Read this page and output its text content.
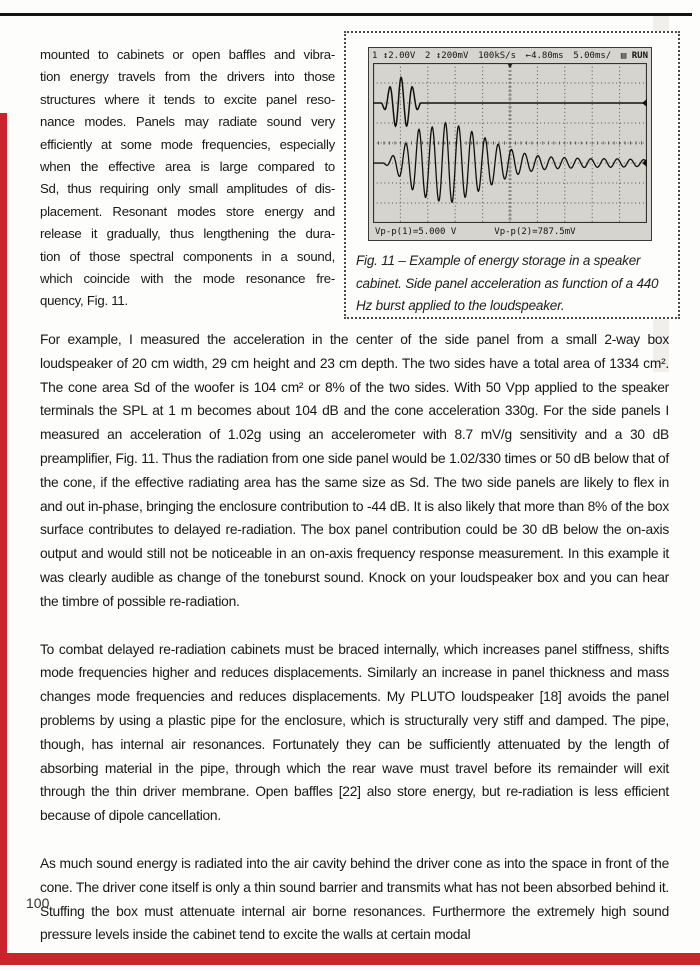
mounted to cabinets or open baffles and vibra-
tion energy travels from the drivers into those
structures where it tends to excite panel reso-
nance modes. Panels may radiate sound very
efficiently at some mode frequencies, especially
when the effective area is large compared to
Sd, thus requiring only small amplitudes of dis-
placement. Resonant modes store energy and
release it gradually, thus lengthening the dura-
tion of those spectral components in a sound,
which coincide with the mode resonance fre-
quency, Fig. 11.
1 ↕2.00V 2 ↕200mV 100kS/s ←4.80ms 5.00ms/ ▤ RUN
Vp-p(1)=5.000 V	Vp-p(2)=787.5mV
Fig. 11 – Example of energy storage in a speaker cabinet. Side panel acceleration as function of a 440 Hz burst applied to the loudspeaker.

For example, I measured the acceleration in the center of the side panel from a small 2-way box loudspeaker of 20 cm width, 29 cm height and 23 cm depth. The two sides have a total area of 1334 cm². The cone area Sd of the woofer is 104 cm² or 8% of the two sides. With 50 Vpp applied to the speaker terminals the SPL at 1 m becomes about 104 dB and the cone acceleration 330g. For the side panels I measured an acceleration of 1.02g using an accelerometer with 8.7 mV/g sensitivity and a 30 dB preamplifier, Fig. 11. Thus the radiation from one side panel would be 1.02/330 times or 50 dB below that of the cone, if the effective radiating area has the same size as Sd. The two side panels are likely to flex in and out in-phase, bringing the enclosure contribution to -44 dB. It is also likely that more than 8% of the box surface contributes to delayed re-radiation. The box panel contribution could be 30 dB below the on-axis output and would still not be noticeable in an on-axis frequency response measurement. In this example it was clearly audible as change of the toneburst sound. Knock on your loudspeaker box and you can hear the timbre of possible re-radiation.

To combat delayed re-radiation cabinets must be braced internally, which increases panel stiffness, shifts mode frequencies higher and reduces displacements. Similarly an increase in panel thickness and mass changes mode frequencies and reduces displacements. My PLUTO loudspeaker [18] avoids the panel problems by using a plastic pipe for the enclosure, which is structurally very stiff and damped. The pipe, though, has internal air resonances. Fortunately they can be sufficiently attenuated by the length of absorbing material in the pipe, through which the rear wave must travel before its remainder will exit through the thin driver membrane. Open baffles [22] also store energy, but re-radiation is less efficient because of dipole cancellation.

As much sound energy is radiated into the air cavity behind the driver cone as into the space in front of the cone. The driver cone itself is only a thin sound barrier and transmits what has not been absorbed behind it. Stuffing the box must attenuate internal air borne resonances. Furthermore the extremely high sound pressure levels inside the cabinet tend to excite the walls at certain modal

100
